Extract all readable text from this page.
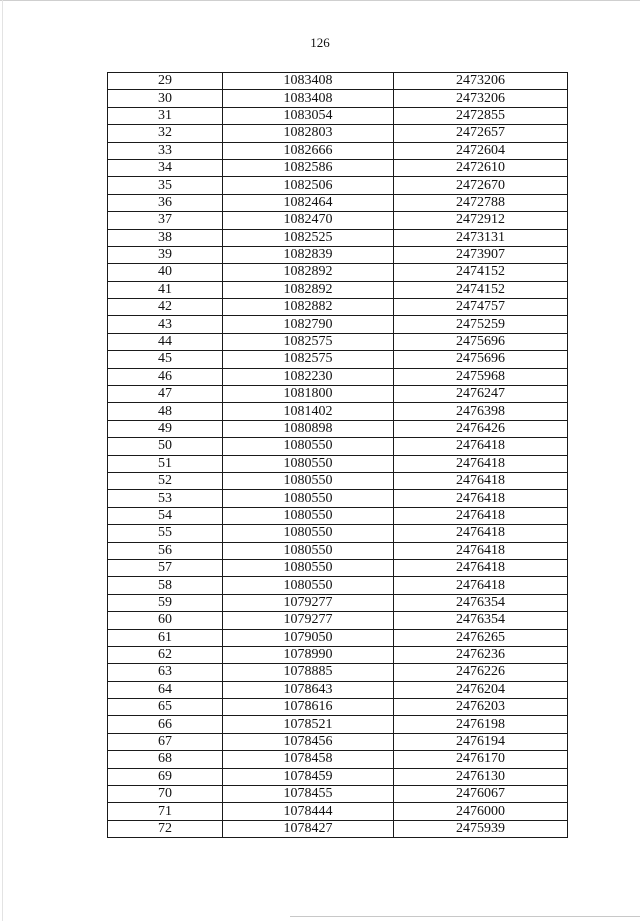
126
29	1083408	2473206
30	1083408	2473206
31	1083054	2472855
32	1082803	2472657
33	1082666	2472604
34	1082586	2472610
35	1082506	2472670
36	1082464	2472788
37	1082470	2472912
38	1082525	2473131
39	1082839	2473907
40	1082892	2474152
41	1082892	2474152
42	1082882	2474757
43	1082790	2475259
44	1082575	2475696
45	1082575	2475696
46	1082230	2475968
47	1081800	2476247
48	1081402	2476398
49	1080898	2476426
50	1080550	2476418
51	1080550	2476418
52	1080550	2476418
53	1080550	2476418
54	1080550	2476418
55	1080550	2476418
56	1080550	2476418
57	1080550	2476418
58	1080550	2476418
59	1079277	2476354
60	1079277	2476354
61	1079050	2476265
62	1078990	2476236
63	1078885	2476226
64	1078643	2476204
65	1078616	2476203
66	1078521	2476198
67	1078456	2476194
68	1078458	2476170
69	1078459	2476130
70	1078455	2476067
71	1078444	2476000
72	1078427	2475939
